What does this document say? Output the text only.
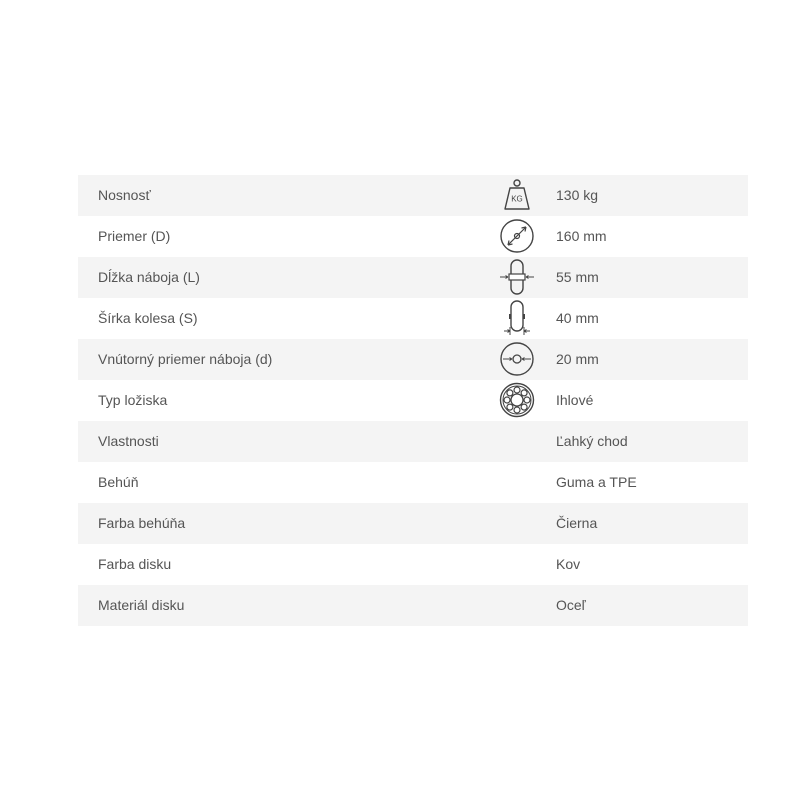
Nosnosť	KG 130 kg
Priemer (D)	160 mm
Dĺžka náboja (L)	55 mm
Šírka kolesa (S)	40 mm
Vnútorný priemer náboja (d)	20 mm
Typ ložiska	Ihlové
Vlastnosti	Ľahký chod
Behúň	Guma a TPE
Farba behúňa	Čierna
Farba disku	Kov
Materiál disku	Oceľ
